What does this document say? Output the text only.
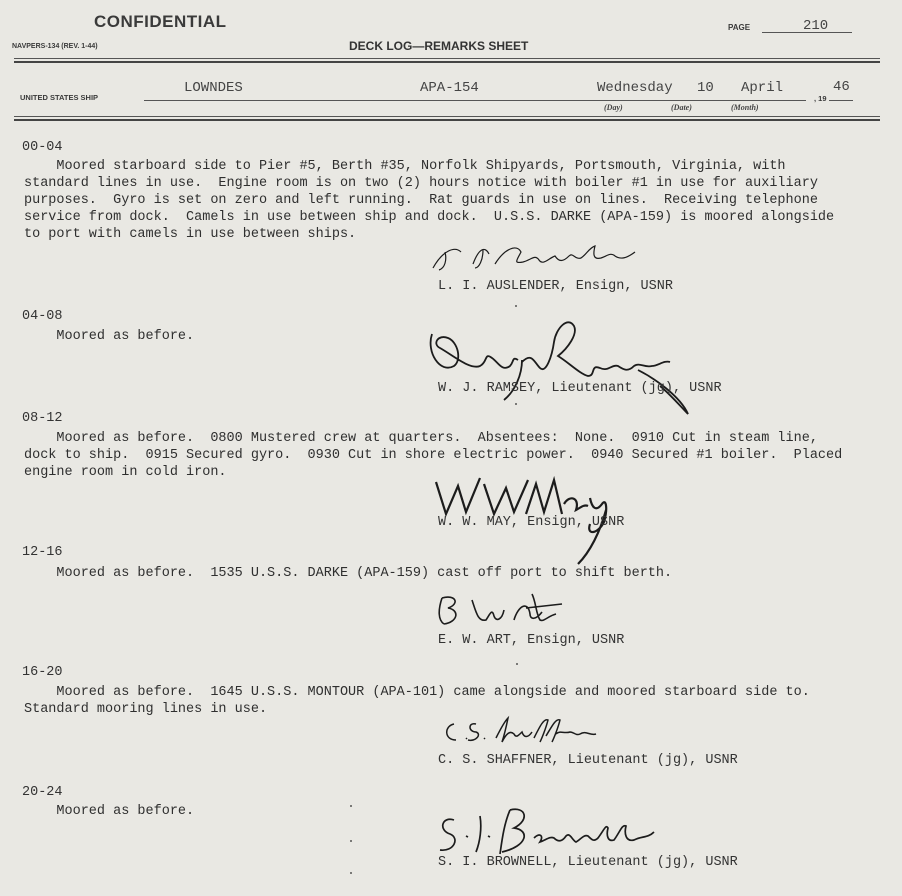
CONFIDENTIAL
NAVPERS-134 (REV. 1-44)	DECK LOG—REMARKS SHEET
PAGE	210
UNITED STATES SHIP
LOWNDES	APA-154	Wednesday 10 April
, 19
46
(Day)	(Date)	(Month)
00-04
Moored starboard side to Pier #5, Berth #35, Norfolk Shipyards, Portsmouth, Virginia, with
standard lines in use.  Engine room is on two (2) hours notice with boiler #1 in use for auxiliary
purposes.  Gyro is set on zero and left running.  Rat guards in use on lines.  Receiving telephone
service from dock.  Camels in use between ship and dock.  U.S.S. DARKE (APA-159) is moored alongside
to port with camels in use between ships.
L. I. AUSLENDER, Ensign, USNR
04-08
Moored as before.
W. J. RAMSEY, Lieutenant (jg), USNR
08-12
Moored as before.  0800 Mustered crew at quarters.  Absentees:  None.  0910 Cut in steam line,
dock to ship.  0915 Secured gyro.  0930 Cut in shore electric power.  0940 Secured #1 boiler.  Placed
engine room in cold iron.
W. W. MAY, Ensign, USNR
12-16
Moored as before.  1535 U.S.S. DARKE (APA-159) cast off port to shift berth.
E. W. ART, Ensign, USNR
16-20
Moored as before.  1645 U.S.S. MONTOUR (APA-101) came alongside and moored starboard side to.
Standard mooring lines in use.
C. S. SHAFFNER, Lieutenant (jg), USNR
20-24
Moored as before.
S. I. BROWNELL, Lieutenant (jg), USNR
